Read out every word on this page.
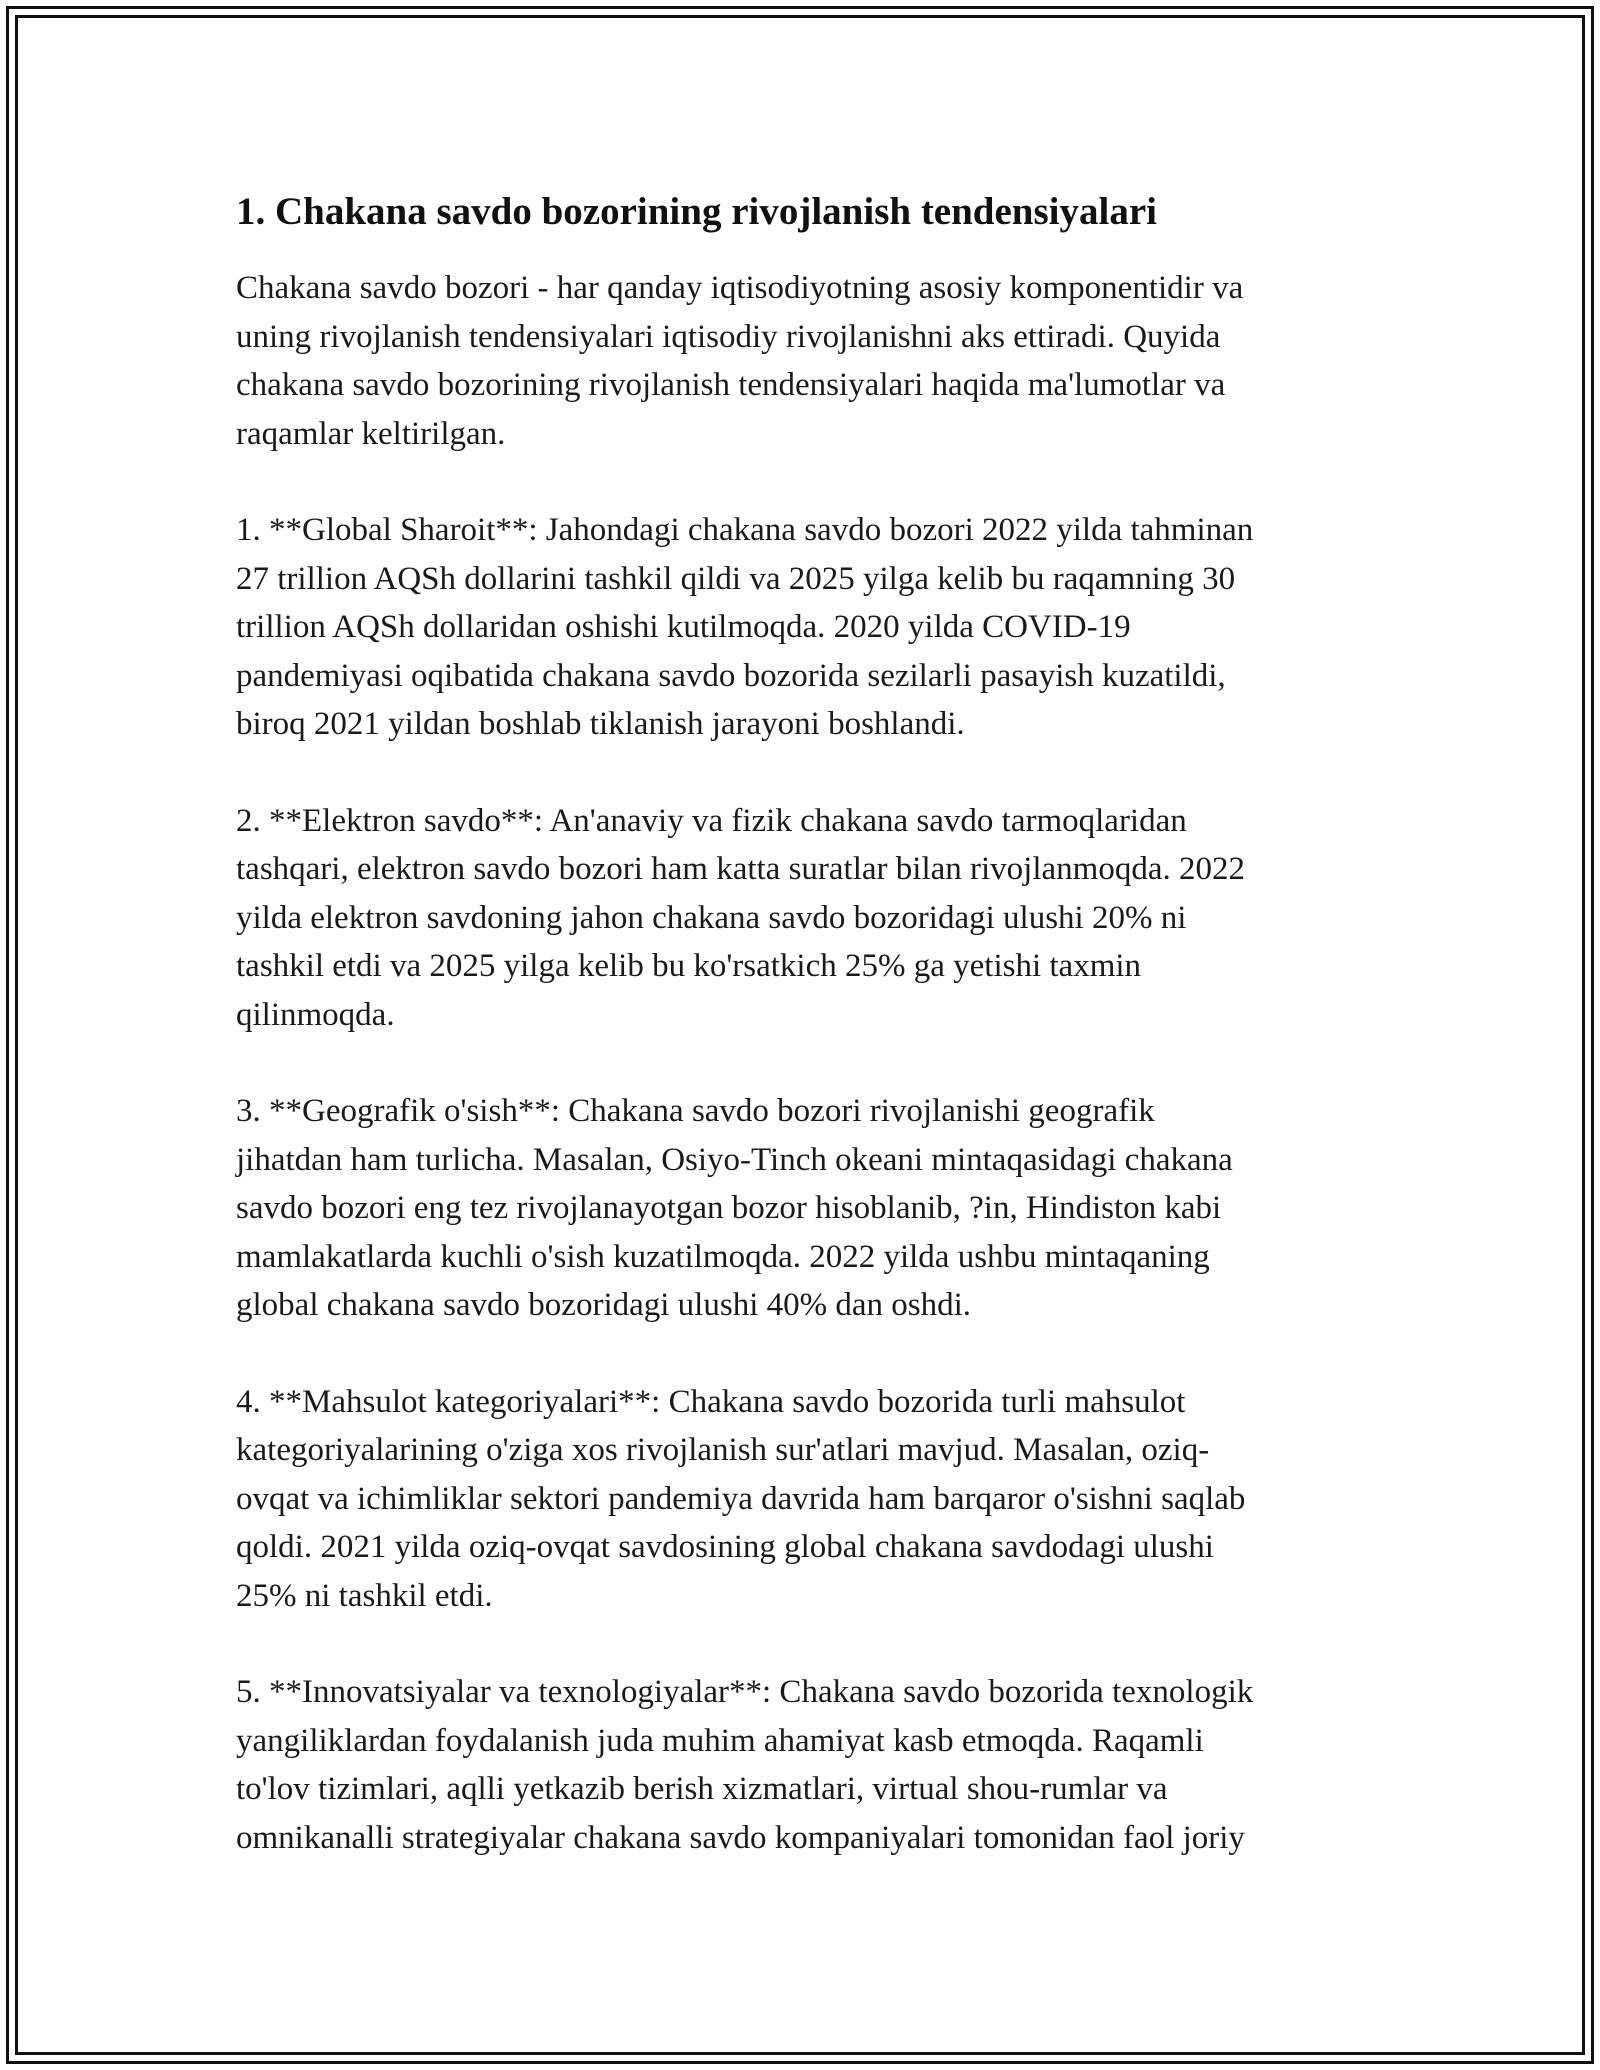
1. Chakana savdo bozorining rivojlanish tendensiyalari

Chakana savdo bozori - har qanday iqtisodiyotning asosiy komponentidir va
uning rivojlanish tendensiyalari iqtisodiy rivojlanishni aks ettiradi. Quyida
chakana savdo bozorining rivojlanish tendensiyalari haqida ma'lumotlar va
raqamlar keltirilgan.

1. **Global Sharoit**: Jahondagi chakana savdo bozori 2022 yilda tahminan
27 trillion AQSh dollarini tashkil qildi va 2025 yilga kelib bu raqamning 30
trillion AQSh dollaridan oshishi kutilmoqda. 2020 yilda COVID-19
pandemiyasi oqibatida chakana savdo bozorida sezilarli pasayish kuzatildi,
biroq 2021 yildan boshlab tiklanish jarayoni boshlandi.

2. **Elektron savdo**: An'anaviy va fizik chakana savdo tarmoqlaridan
tashqari, elektron savdo bozori ham katta suratlar bilan rivojlanmoqda. 2022
yilda elektron savdoning jahon chakana savdo bozoridagi ulushi 20% ni
tashkil etdi va 2025 yilga kelib bu ko'rsatkich 25% ga yetishi taxmin
qilinmoqda.

3. **Geografik o'sish**: Chakana savdo bozori rivojlanishi geografik
jihatdan ham turlicha. Masalan, Osiyo-Tinch okeani mintaqasidagi chakana
savdo bozori eng tez rivojlanayotgan bozor hisoblanib, ?in, Hindiston kabi
mamlakatlarda kuchli o'sish kuzatilmoqda. 2022 yilda ushbu mintaqaning
global chakana savdo bozoridagi ulushi 40% dan oshdi.

4. **Mahsulot kategoriyalari**: Chakana savdo bozorida turli mahsulot
kategoriyalarining o'ziga xos rivojlanish sur'atlari mavjud. Masalan, oziq-
ovqat va ichimliklar sektori pandemiya davrida ham barqaror o'sishni saqlab
qoldi. 2021 yilda oziq-ovqat savdosining global chakana savdodagi ulushi
25% ni tashkil etdi.

5. **Innovatsiyalar va texnologiyalar**: Chakana savdo bozorida texnologik
yangiliklardan foydalanish juda muhim ahamiyat kasb etmoqda. Raqamli
to'lov tizimlari, aqlli yetkazib berish xizmatlari, virtual shou-rumlar va
omnikanalli strategiyalar chakana savdo kompaniyalari tomonidan faol joriy
